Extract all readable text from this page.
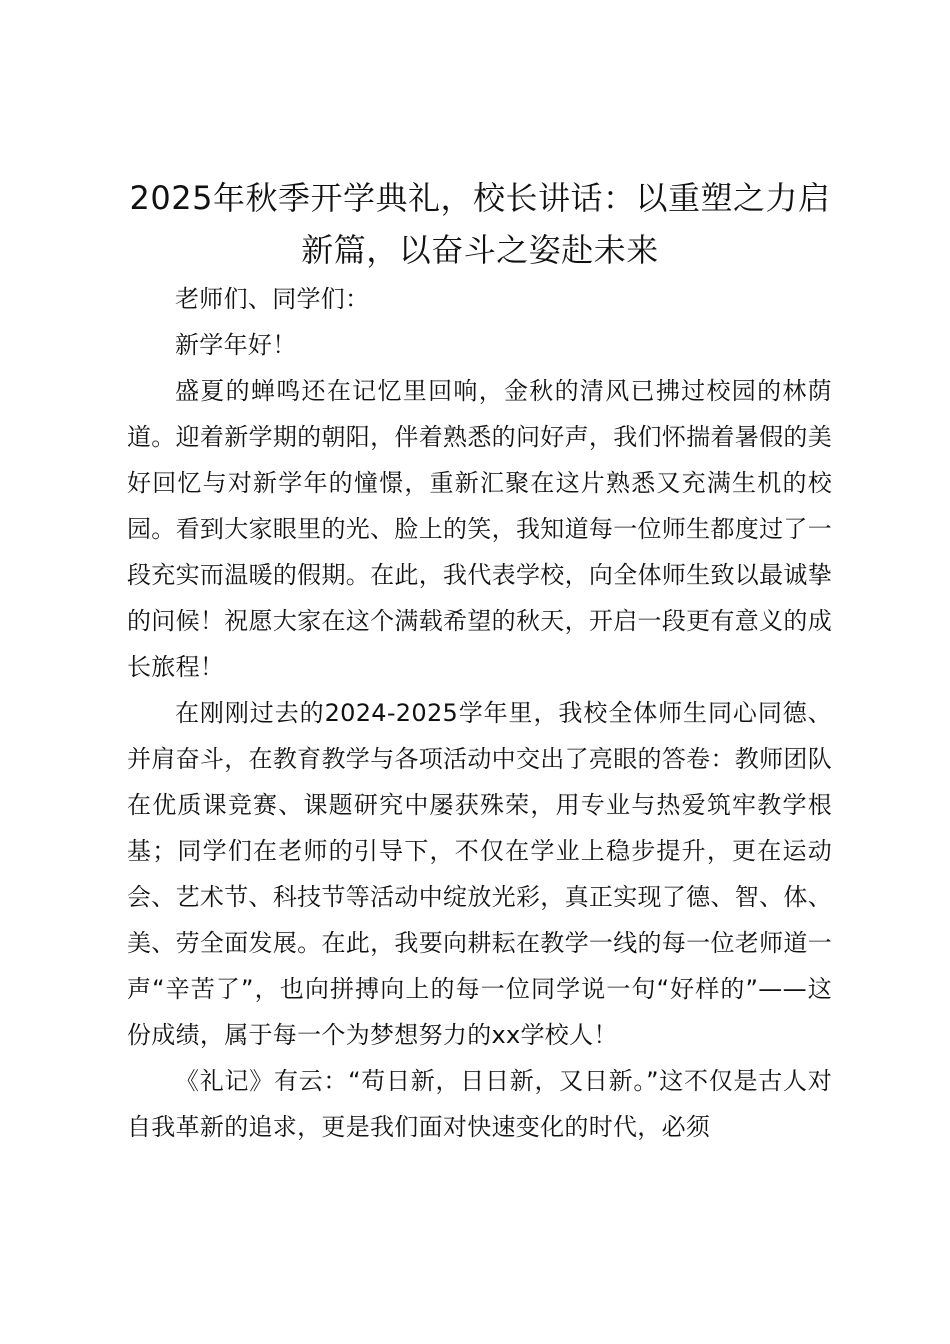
2025年秋季开学典礼，校长讲话：以重塑之力启新篇，以奋斗之姿赴未来

老师们、同学们：

新学年好！

盛夏的蝉鸣还在记忆里回响，金秋的清风已拂过校园的林荫道。迎着新学期的朝阳，伴着熟悉的问好声，我们怀揣着暑假的美好回忆与对新学年的憧憬，重新汇聚在这片熟悉又充满生机的校园。看到大家眼里的光、脸上的笑，我知道每一位师生都度过了一段充实而温暖的假期。在此，我代表学校，向全体师生致以最诚挚的问候！祝愿大家在这个满载希望的秋天，开启一段更有意义的成长旅程！

在刚刚过去的2024-2025学年里，我校全体师生同心同德、并肩奋斗，在教育教学与各项活动中交出了亮眼的答卷：教师团队在优质课竞赛、课题研究中屡获殊荣，用专业与热爱筑牢教学根基；同学们在老师的引导下，不仅在学业上稳步提升，更在运动会、艺术节、科技节等活动中绽放光彩，真正实现了德、智、体、美、劳全面发展。在此，我要向耕耘在教学一线的每一位老师道一声“辛苦了”，也向拼搏向上的每一位同学说一句“好样的”——这份成绩，属于每一个为梦想努力的xx学校人！

《礼记》有云：“苟日新，日日新，又日新。”这不仅是古人对自我革新的追求，更是我们面对快速变化的时代，必须
